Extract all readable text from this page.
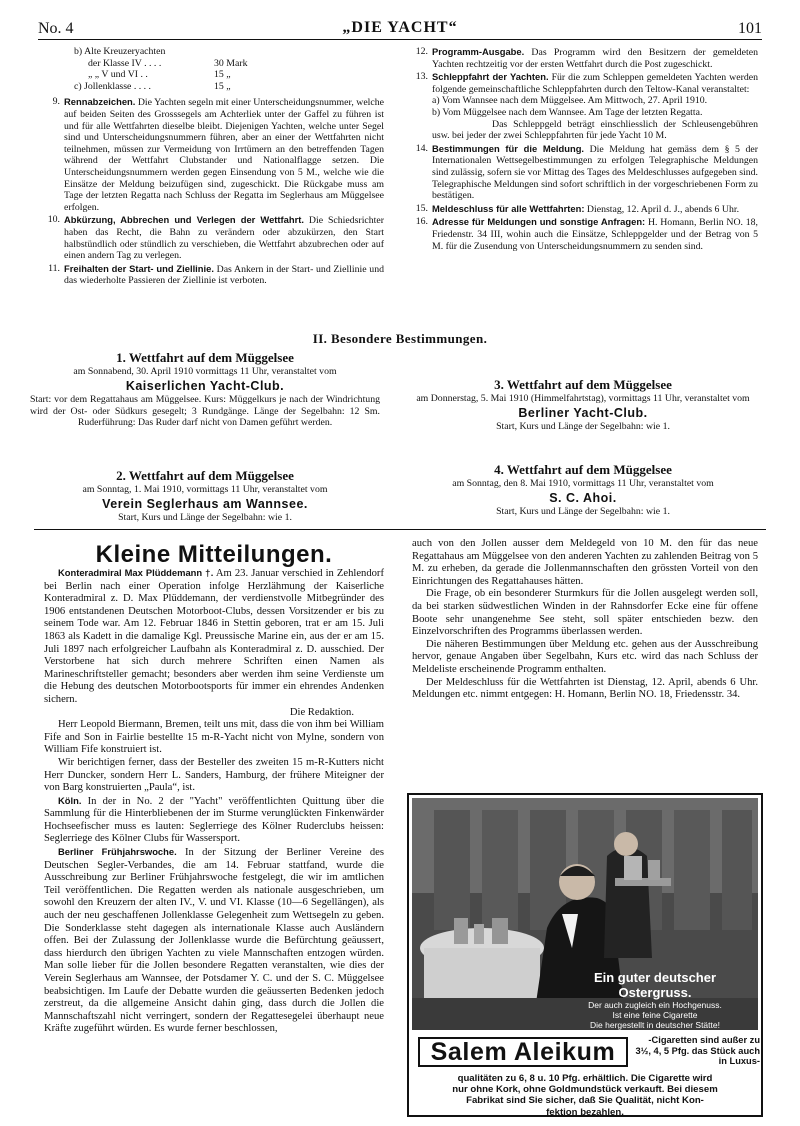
No. 4	„DIE YACHT“	101
b) Alte Kreuzeryachten
der Klasse IV . . . .	30 Mark
„ „ V und VI . .	15 „
c) Jollenklasse . . . .	15 „
9. Rennabzeichen. Die Yachten segeln mit einer Unterscheidungsnummer, welche auf beiden Seiten des Grosssegels am Achterliek unter der Gaffel zu führen ist und für alle Wettfahrten dieselbe bleibt. Diejenigen Yachten, welche unter Segel sind und Unterscheidungsnummern führen, aber an einer der Wettfahrten nicht teilnehmen, müssen zur Vermeidung von Irrtümern an den betreffenden Tagen während der Wettfahrt Clubstander und Nationalflagge setzen. Die Unterscheidungsnummern werden gegen Einsendung von 5 M., welche wie die Einsätze der Meldung beizufügen sind, zugeschickt. Die Rückgabe muss am Tage der letzten Regatta nach Schluss der Regatta im Seglerhaus am Müggelsee erfolgen.
10. Abkürzung, Abbrechen und Verlegen der Wettfahrt. Die Schiedsrichter haben das Recht, die Bahn zu verändern oder abzukürzen, den Start halbstündlich oder stündlich zu verschieben, die Wettfahrt abzubrechen oder auf einen andern Tag zu verlegen.
11. Freihalten der Start- und Ziellinie. Das Ankern in der Start- und Ziellinie und das wiederholte Passieren der Ziellinie ist verboten.
12. Programm-Ausgabe. Das Programm wird den Besitzern der gemeldeten Yachten rechtzeitig vor der ersten Wettfahrt durch die Post zugeschickt.
13. Schleppfahrt der Yachten. Für die zum Schleppen gemeldeten Yachten werden folgende gemeinschaftliche Schleppfahrten durch den Teltow-Kanal veranstaltet:
a) Vom Wannsee nach dem Müggelsee. Am Mittwoch, 27. April 1910.
b) Vom Müggelsee nach dem Wannsee. Am Tage der letzten Regatta.
Das Schleppgeld beträgt einschliesslich der Schleusengebühren usw. bei jeder der zwei Schleppfahrten für jede Yacht 10 M.
14. Bestimmungen für die Meldung. Die Meldung hat gemäss dem § 5 der Internationalen Wettsegelbestimmungen zu erfolgen Telegraphische Meldungen sind zulässig, sofern sie vor Mittag des Tages des Meldeschlusses aufgegeben sind. Telegraphische Meldungen sind sofort schriftlich in der vorgeschriebenen Form zu bestätigen.
15. Meldeschluss für alle Wettfahrten: Dienstag, 12. April d. J., abends 6 Uhr.
16. Adresse für Meldungen und sonstige Anfragen: H. Homann, Berlin NO. 18, Friedenstr. 34 III, wohin auch die Einsätze, Schleppgelder und der Betrag von 5 M. für die Zusendung von Unterscheidungsnummern zu senden sind.
II. Besondere Bestimmungen.
1. Wettfahrt auf dem Müggelsee
am Sonnabend, 30. April 1910 vormittags 11 Uhr, veranstaltet vom
Kaiserlichen Yacht-Club.
Start: vor dem Regattahaus am Müggelsee. Kurs: Müggelkurs je nach der Windrichtung wird der Ost- oder Südkurs gesegelt; 3 Rundgänge. Länge der Segelbahn: 12 Sm. Ruderführung: Das Ruder darf nicht von Damen geführt werden.
2. Wettfahrt auf dem Müggelsee
am Sonntag, 1. Mai 1910, vormittags 11 Uhr, veranstaltet vom
Verein Seglerhaus am Wannsee.
Start, Kurs und Länge der Segelbahn: wie 1.
3. Wettfahrt auf dem Müggelsee
am Donnerstag, 5. Mai 1910 (Himmelfahrtstag), vormittags 11 Uhr, veranstaltet vom
Berliner Yacht-Club.
Start, Kurs und Länge der Segelbahn: wie 1.
4. Wettfahrt auf dem Müggelsee
am Sonntag, den 8. Mai 1910, vormittags 11 Uhr, veranstaltet vom
S. C. Ahoi.
Start, Kurs und Länge der Segelbahn: wie 1.
Kleine Mitteilungen.

Konteradmiral Max Plüddemann †. Am 23. Januar verschied in Zehlendorf bei Berlin nach einer Operation infolge Herzlähmung der Kaiserliche Konteradmiral z. D. Max Plüddemann, der verdienstvolle Mitbegründer des 1906 entstandenen Deutschen Motorboot-Clubs, dessen Vorsitzender er bis zu seinem Tode war. Am 12. Februar 1846 in Stettin geboren, trat er am 15. Juli 1863 als Kadett in die damalige Kgl. Preussische Marine ein, aus der er am 15. Juli 1897 nach erfolgreicher Laufbahn als Konteradmiral z. D. ausschied. Der Verstorbene hat sich durch mehrere Schriften einen Namen als Marineschriftsteller gemacht; besonders aber werden ihm seine Verdienste um die Hebung des deutschen Motorbootsports für immer ein ehrendes Andenken sichern.

Die Redaktion.

Herr Leopold Biermann, Bremen, teilt uns mit, dass die von ihm bei William Fife and Son in Fairlie bestellte 15 m-R-Yacht nicht von Mylne, sondern von William Fife konstruiert ist.

Wir berichtigen ferner, dass der Besteller des zweiten 15 m-R-Kutters nicht Herr Duncker, sondern Herr L. Sanders, Hamburg, der frühere Miteigner der von Barg konstruierten „Paula“, ist.

Köln. In der in No. 2 der "Yacht" veröffentlichten Quittung über die Sammlung für die Hinterbliebenen der im Sturme verunglückten Finkenwärder Hochseefischer muss es lauten: Seglerriege des Kölner Ruderclubs heissen: Seglerriege des Kölner Clubs für Wassersport.

Berliner Frühjahrswoche. In der Sitzung der Berliner Vereine des Deutschen Segler-Verbandes, die am 14. Februar stattfand, wurde die Ausschreibung zur Berliner Frühjahrswoche festgelegt, die wir im amtlichen Teil veröffentlichen. Die Regatten werden als nationale ausgeschrieben, um sowohl den Kreuzern der alten IV., V. und VI. Klasse (10—6 Segellängen), als auch der neu geschaffenen Jollenklasse Gelegenheit zum Wettsegeln zu geben. Die Sonderklasse steht dagegen als internationale Klasse auch Ausländern offen. Bei der Zulassung der Jollenklasse wurde die Befürchtung geäussert, dass hierdurch den übrigen Yachten zu viele Mannschaften entzogen würden. Man solle lieber für die Jollen besondere Regatten veranstalten, wie dies der Verein Seglerhaus am Wannsee, der Potsdamer Y. C. und der S. C. Müggelsee beabsichtigen. Im Laufe der Debatte wurden die geäusserten Bedenken jedoch zerstreut, da die allgemeine Ansicht dahin ging, dass durch die Jollen die Mannschaftszahl nicht verringert, sondern der Regattesegelei überhaupt neue Kräfte zugeführt würden. Es wurde ferner beschlossen,

auch von den Jollen ausser dem Meldegeld von 10 M. den für das neue Regattahaus am Müggelsee von den anderen Yachten zu zahlenden Beitrag von 5 M. zu erheben, da gerade die Jollenmannschaften den grössten Vorteil von den Einrichtungen des Regattahauses hätten.

Die Frage, ob ein besonderer Sturmkurs für die Jollen ausgelegt werden soll, da bei starken südwestlichen Winden in der Rahnsdorfer Ecke eine für offene Boote sehr unangenehme See steht, soll später entschieden bezw. den Einzelvorschriften des Programms überlassen werden.

Die näheren Bestimmungen über Meldung etc. gehen aus der Ausschreibung hervor, genaue Angaben über Segelbahn, Kurs etc. wird das nach Schluss der Meldeliste erscheinende Programm enthalten.

Der Meldeschluss für die Wettfahrten ist Dienstag, 12. April, abends 6 Uhr. Meldungen etc. nimmt entgegen: H. Homann, Berlin NO. 18, Friedensstr. 34.

Ein guter deutscher Ostergruss.
Der auch zugleich ein Hochgenuss.
Ist eine feine Cigarette
Die hergestellt in deutscher Stätte!
Salem Aleikum	-Cigaretten sind außer zu 3½, 4, 5 Pfg. das Stück auch in Luxus-
qualitäten zu 6, 8 u. 10 Pfg. erhältlich. Die Cigarette wird
nur ohne Kork, ohne Goldmundstück verkauft. Bei diesem
Fabrikat sind Sie sicher, daß Sie Qualität, nicht Kon-
fektion bezahlen.
